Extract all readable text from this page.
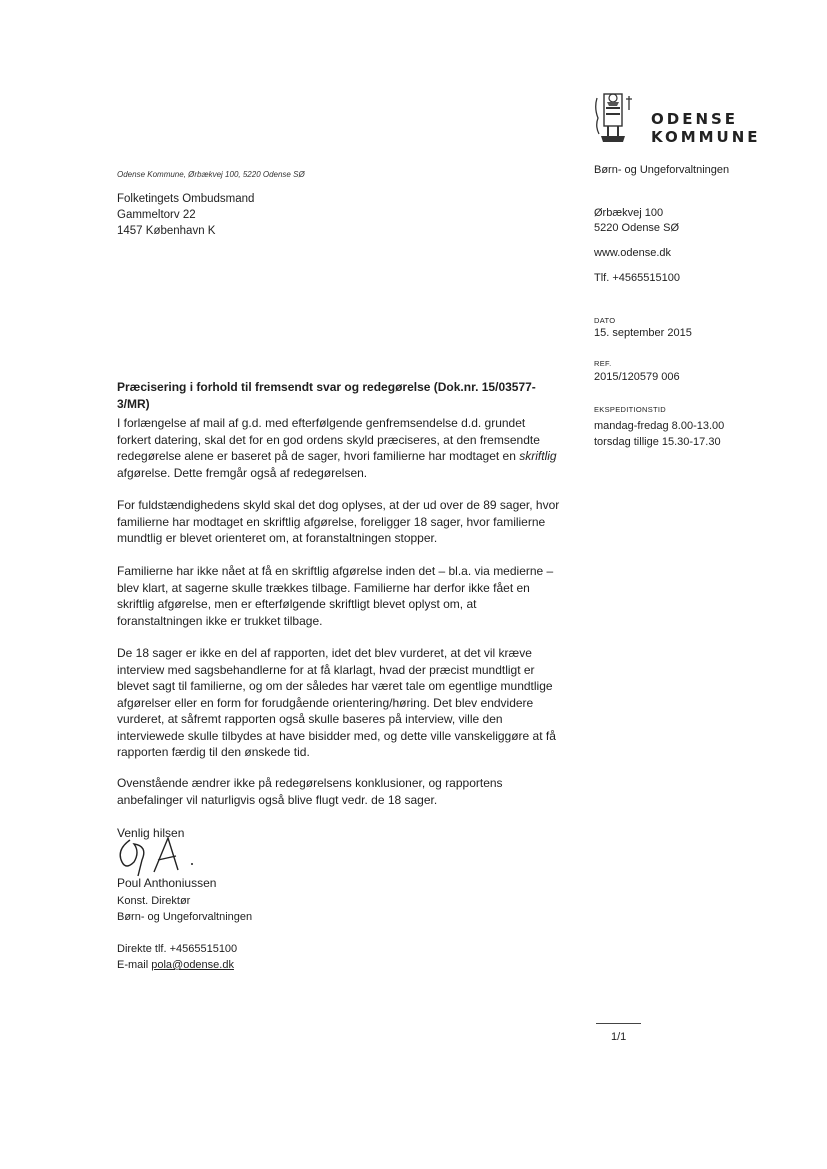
ODENSE
KOMMUNE
Odense Kommune, Ørbækvej 100, 5220 Odense SØ
Folketingets Ombudsmand
Gammeltorv 22
1457 København K
Børn- og Ungeforvaltningen
Ørbækvej 100
5220 Odense SØ
www.odense.dk
Tlf. +4565515100
DATO
15. september 2015
REF.
2015/120579 006
EKSPEDITIONSTID
mandag-fredag 8.00-13.00
torsdag tillige 15.30-17.30
Præcisering i forhold til fremsendt svar og redegørelse (Dok.nr. 15/03577-
3/MR)
I forlængelse af mail af g.d. med efterfølgende genfremsendelse d.d. grundet forkert datering, skal det for en god ordens skyld præciseres, at den fremsendte redegørelse alene er baseret på de sager, hvori familierne har modtaget en skriftlig afgørelse. Dette fremgår også af redegørelsen.
For fuldstændighedens skyld skal det dog oplyses, at der ud over de 89 sager, hvor familierne har modtaget en skriftlig afgørelse, foreligger 18 sager, hvor familierne mundtlig er blevet orienteret om, at foranstaltningen stopper.
Familierne har ikke nået at få en skriftlig afgørelse inden det – bl.a. via medierne – blev klart, at sagerne skulle trækkes tilbage. Familierne har derfor ikke fået en skriftlig afgørelse, men er efterfølgende skriftligt blevet oplyst om, at foranstaltningen ikke er trukket tilbage.
De 18 sager er ikke en del af rapporten, idet det blev vurderet, at det vil kræve interview med sagsbehandlerne for at få klarlagt, hvad der præcist mundtligt er blevet sagt til familierne, og om der således har været tale om egentlige mundtlige afgørelser eller en form for forudgående orientering/høring. Det blev endvidere vurderet, at såfremt rapporten også skulle baseres på interview, ville den interviewede skulle tilbydes at have bisidder med, og dette ville vanskeliggøre at få rapporten færdig til den ønskede tid.
Ovenstående ændrer ikke på redegørelsens konklusioner, og rapportens anbefalinger vil naturligvis også blive flugt vedr. de 18 sager.
Venlig hilsen
Poul Anthoniussen
Konst. Direktør
Børn- og Ungeforvaltningen
Direkte tlf. +4565515100
E-mail pola@odense.dk
1/1
